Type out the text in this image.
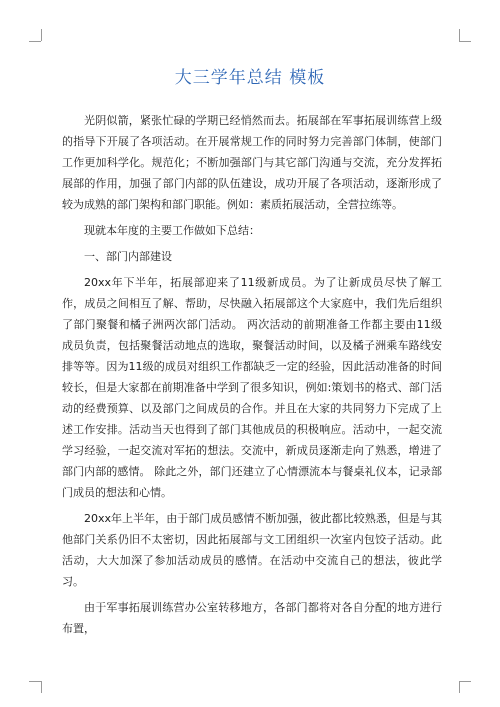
大三学年总结 模板

光阴似箭，紧张忙碌的学期已经悄然而去。拓展部在军事拓展训练营上级的指导下开展了各项活动。在开展常规工作的同时努力完善部门体制，使部门工作更加科学化。规范化；不断加强部门与其它部门沟通与交流，充分发挥拓展部的作用，加强了部门内部的队伍建设，成功开展了各项活动，逐渐形成了较为成熟的部门架构和部门职能。例如：素质拓展活动，全营拉练等。

现就本年度的主要工作做如下总结：

一、部门内部建设

20xx年下半年，拓展部迎来了11级新成员。为了让新成员尽快了解工作，成员之间相互了解、帮助，尽快融入拓展部这个大家庭中，我们先后组织了部门聚餐和橘子洲两次部门活动。 两次活动的前期准备工作都主要由11级成员负责，包括聚餐活动地点的选取，聚餐活动时间，以及橘子洲乘车路线安排等等。因为11级的成员对组织工作都缺乏一定的经验，因此活动准备的时间较长，但是大家都在前期准备中学到了很多知识，例如:策划书的格式、部门活动的经费预算、以及部门之间成员的合作。并且在大家的共同努力下完成了上述工作安排。活动当天也得到了部门其他成员的积极响应。活动中，一起交流学习经验，一起交流对军拓的想法。交流中，新成员逐渐走向了熟悉，增进了部门内部的感情。 除此之外，部门还建立了心情漂流本与餐桌礼仪本，记录部门成员的想法和心情。

20xx年上半年，由于部门成员感情不断加强，彼此都比较熟悉，但是与其他部门关系仍旧不太密切，因此拓展部与文工团组织一次室内包饺子活动。此活动，大大加深了参加活动成员的感情。在活动中交流自己的想法，彼此学习。

由于军事拓展训练营办公室转移地方，各部门都将对各自分配的地方进行布置，
